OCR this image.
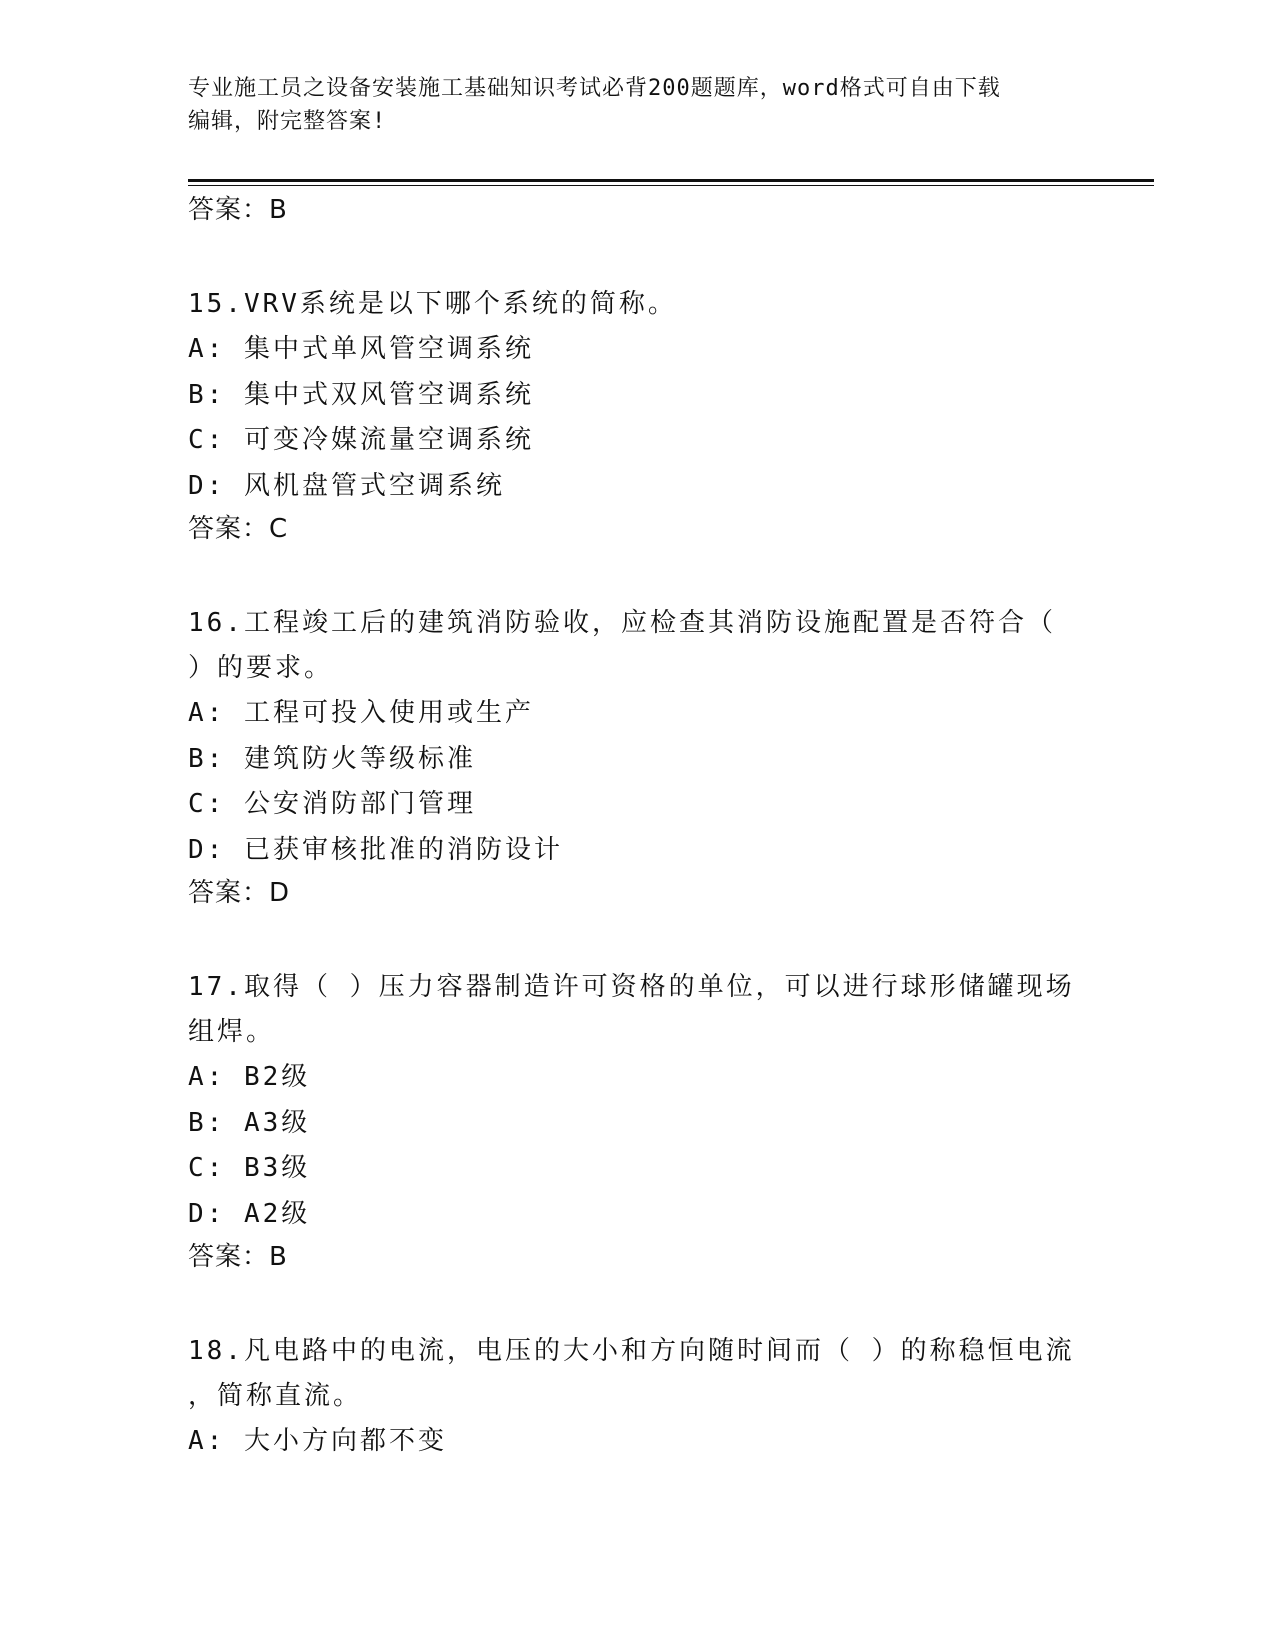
专业施工员之设备安装施工基础知识考试必背200题题库，word格式可自由下载
编辑，附完整答案!
答案：B
15.VRV系统是以下哪个系统的简称。
A: 集中式单风管空调系统
B: 集中式双风管空调系统
C: 可变冷媒流量空调系统
D: 风机盘管式空调系统
答案：C
16.工程竣工后的建筑消防验收，应检查其消防设施配置是否符合（
）的要求。
A: 工程可投入使用或生产
B: 建筑防火等级标准
C: 公安消防部门管理
D: 已获审核批准的消防设计
答案：D
17.取得（ ）压力容器制造许可资格的单位，可以进行球形储罐现场
组焊。
A: B2级
B: A3级
C: B3级
D: A2级
答案：B
18.凡电路中的电流，电压的大小和方向随时间而（ ）的称稳恒电流
，简称直流。
A: 大小方向都不变
